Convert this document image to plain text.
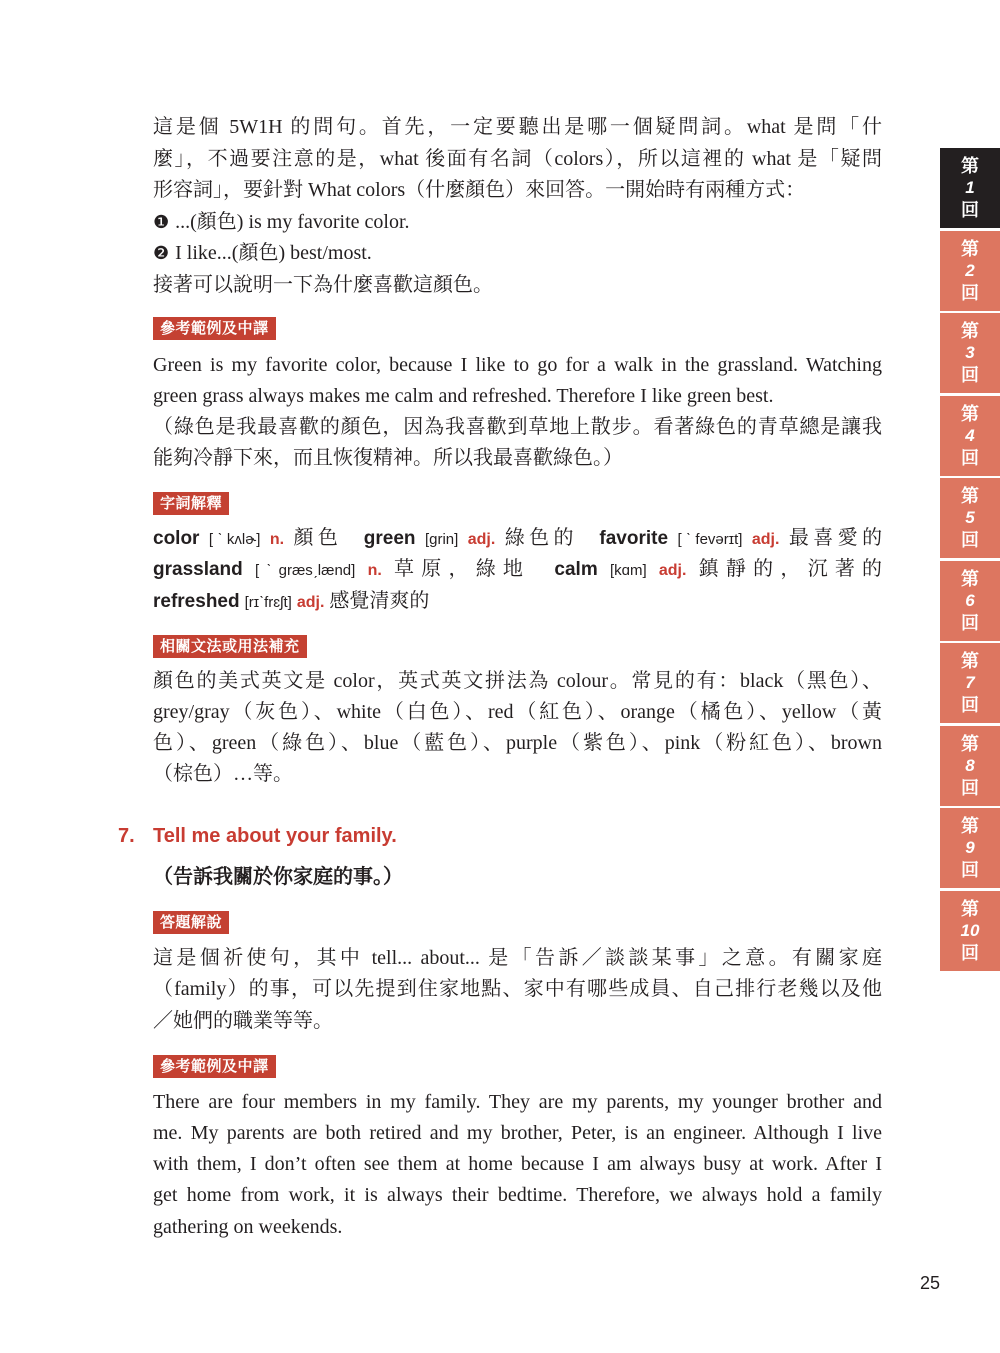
這是個 5W1H 的問句。首先，一定要聽出是哪一個疑問詞。what 是問「什
麼」，不過要注意的是，what 後面有名詞（colors），所以這裡的 what 是「疑問
形容詞」，要針對 What colors（什麼顏色）來回答。一開始時有兩種方式：
❶ ...(顏色) is my favorite color.
❷ I like...(顏色) best/most.
接著可以說明一下為什麼喜歡這顏色。
參考範例及中譯
Green is my favorite color, because I like to go for a walk in the grassland. Watching
green grass always makes me calm and refreshed. Therefore I like green best.
（綠色是我最喜歡的顏色，因為我喜歡到草地上散步。看著綠色的青草總是讓我
能夠冷靜下來，而且恢復精神。所以我最喜歡綠色。）
字詞解釋
color [ˋkʌlɚ] n. 顏色 green [grin] adj. 綠色的 favorite [ˋfevərɪt] adj. 最喜愛的
grassland [ˋgræsˏlænd] n. 草原，綠地 calm [kɑm] adj. 鎮靜的，沉著的
refreshed [rɪˋfrɛʃt] adj. 感覺清爽的
相關文法或用法補充
顏色的美式英文是 color，英式英文拼法為 colour。常見的有：black（黑色）、
grey/gray（灰色）、white（白色）、red（紅色）、orange（橘色）、yellow（黃
色）、green（綠色）、blue（藍色）、purple（紫色）、pink（粉紅色）、brown
（棕色）…等。
7. Tell me about your family.
（告訴我關於你家庭的事。）
答題解說
這是個祈使句，其中 tell... about... 是「告訴／談談某事」之意。有關家庭
（family）的事，可以先提到住家地點、家中有哪些成員、自己排行老幾以及他
／她們的職業等等。
參考範例及中譯
There are four members in my family. They are my parents, my younger brother and
me. My parents are both retired and my brother, Peter, is an engineer. Although I live
with them, I don’t often see them at home because I am always busy at work. After I
get home from work, it is always their bedtime. Therefore, we always hold a family
gathering on weekends.
第
1
回
第
2
回
第
3
回
第
4
回
第
5
回
第
6
回
第
7
回
第
8
回
第
9
回
第
10
回
25
